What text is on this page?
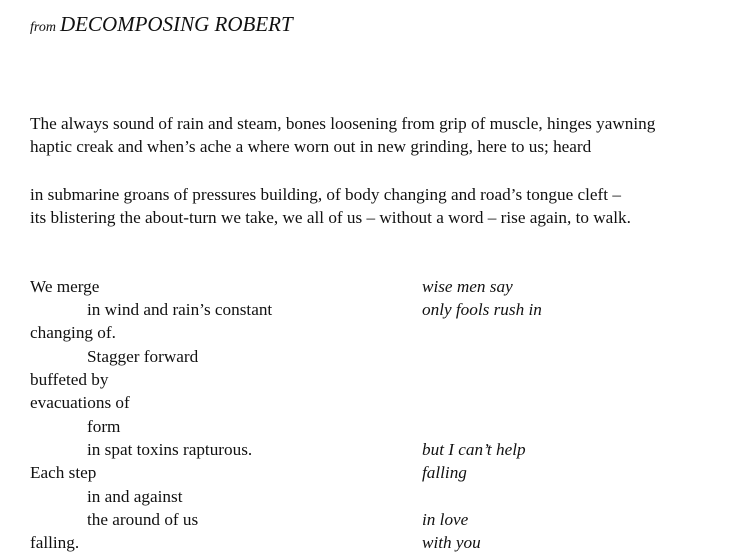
from DECOMPOSING ROBERT
The always sound of rain and steam, bones loosening from grip of muscle, hinges yawning
haptic creak and when’s ache a where worn out in new grinding, here to us; heard
in submarine groans of pressures building, of body changing and road’s tongue cleft –
its blistering the about-turn we take, we all of us – without a word – rise again, to walk.
We merge
in wind and rain’s constant
changing of.
Stagger forward
buffeted by
evacuations of
form
in spat toxins rapturous.
Each step
in and against
the around of us
falling.
wise men say
only fools rush in
but I can’t help
falling
in love
with you
